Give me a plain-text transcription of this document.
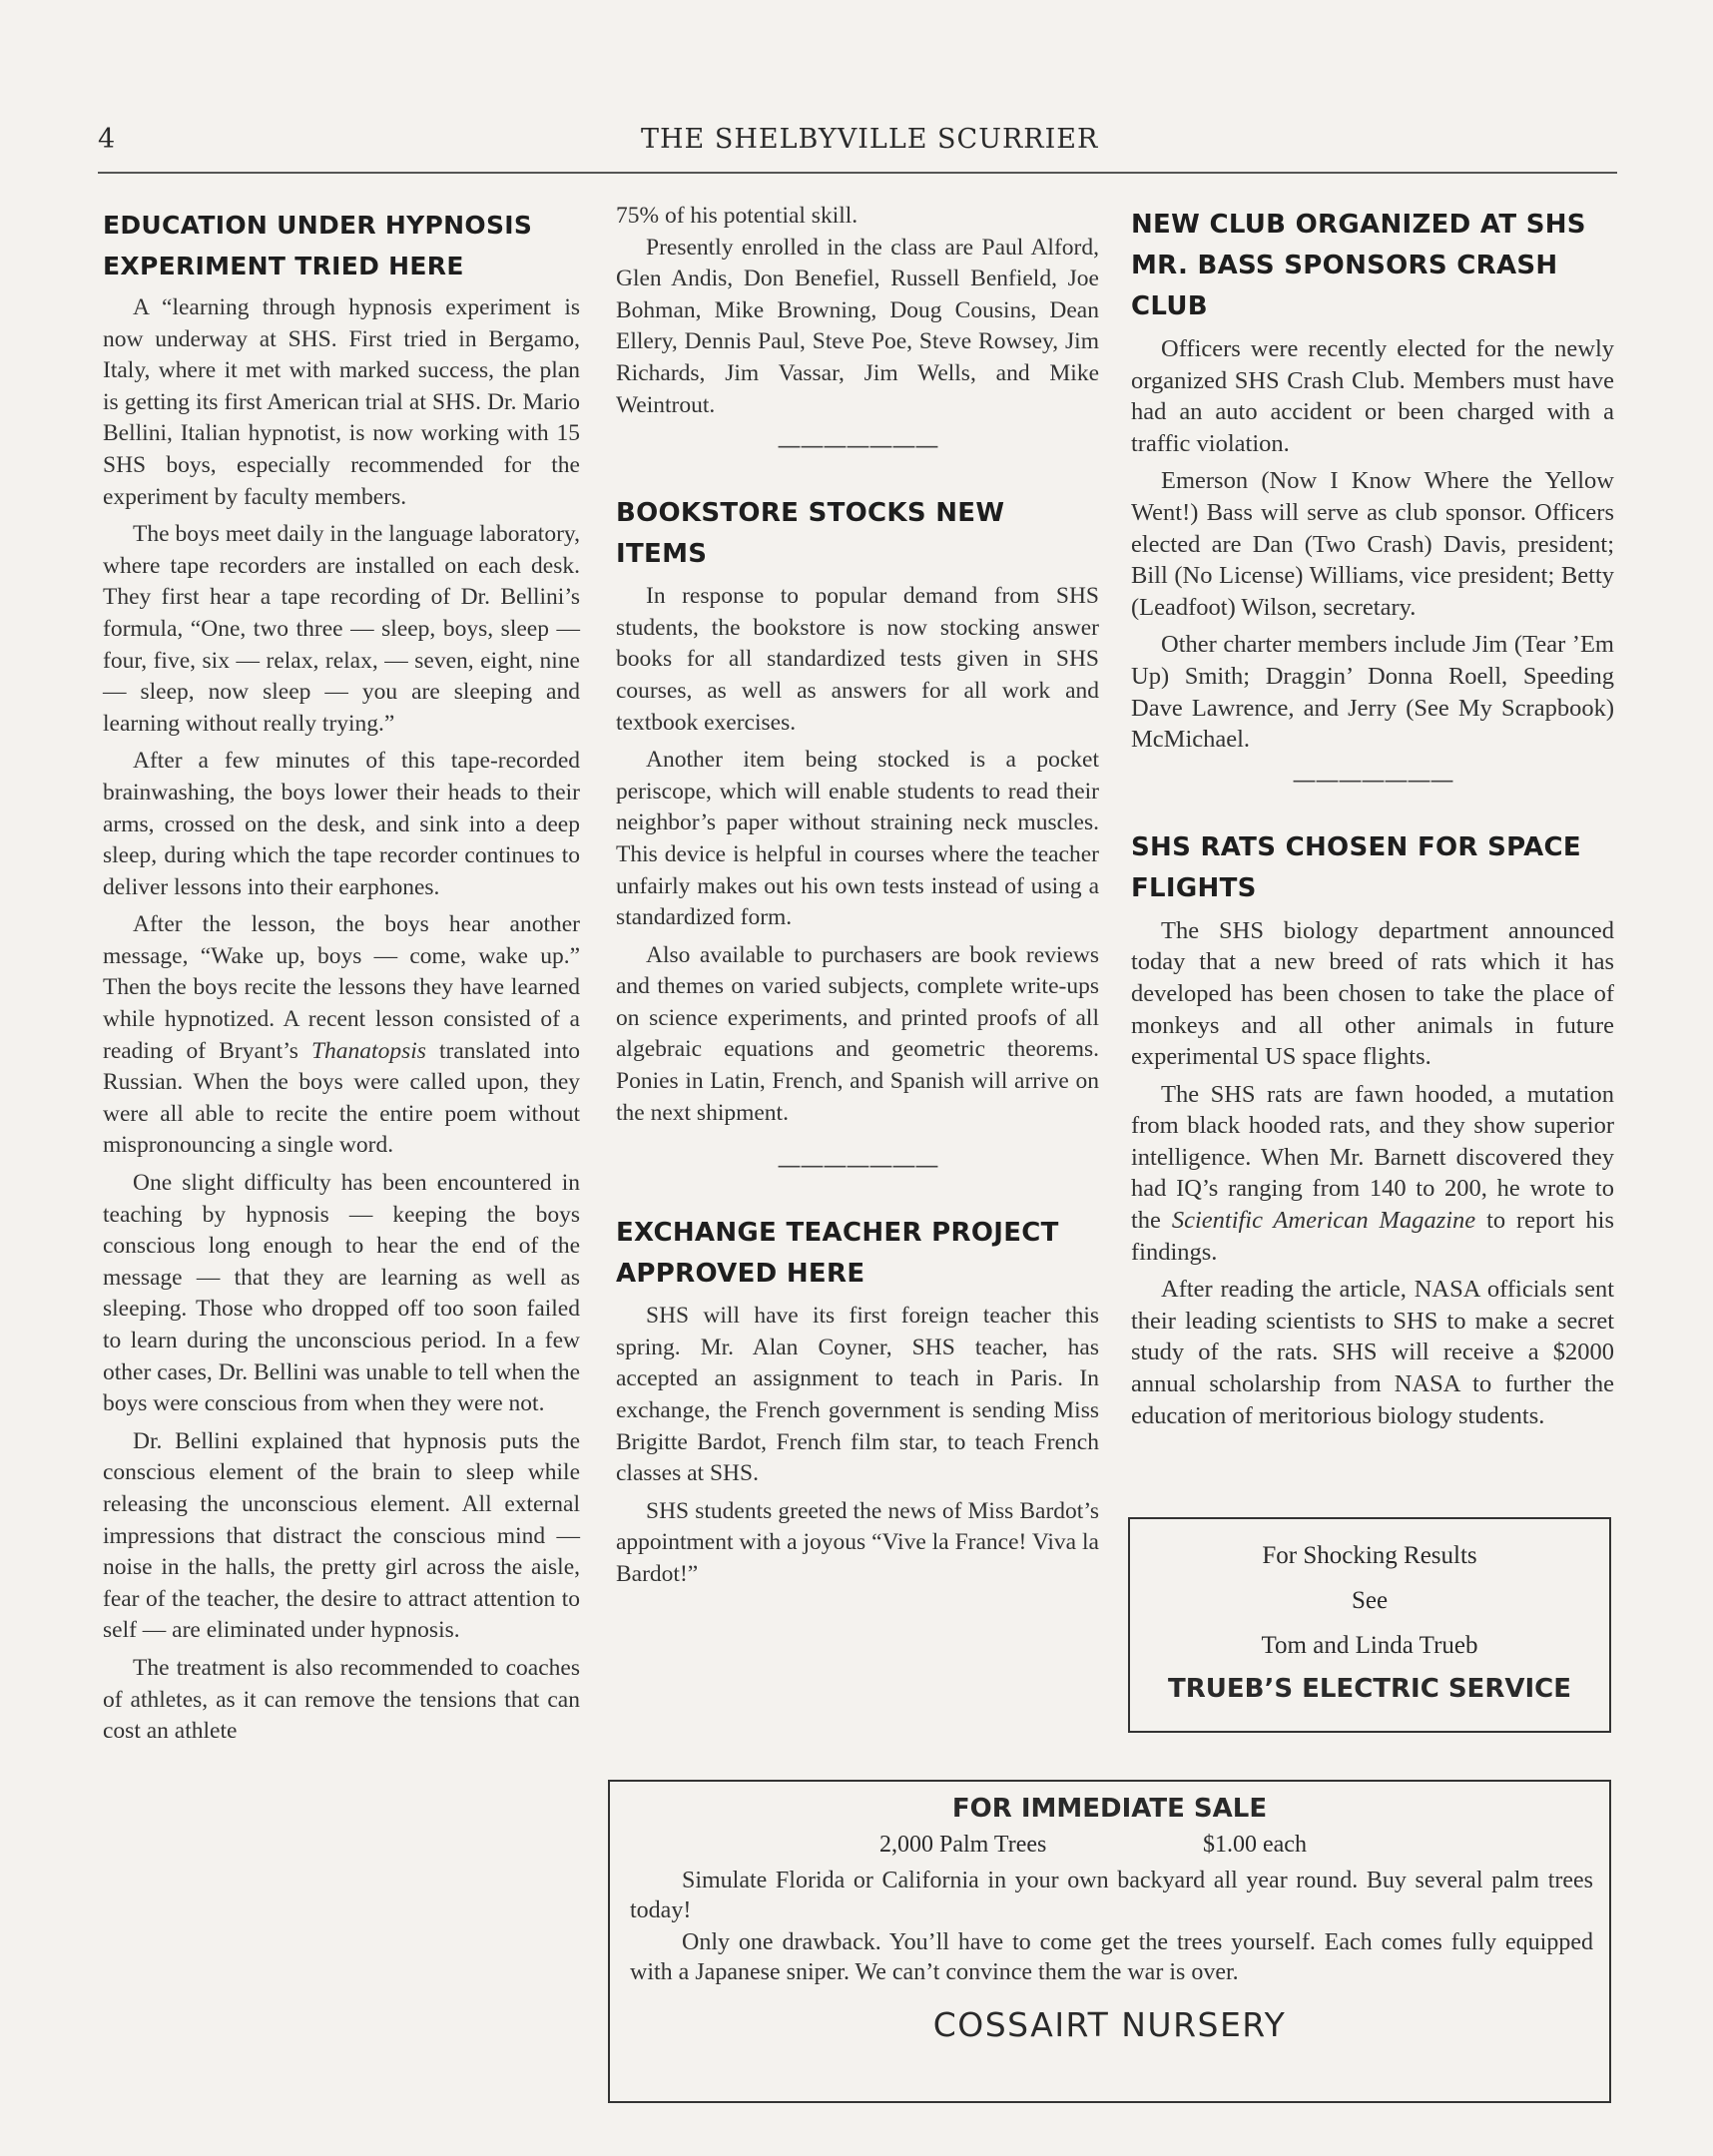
4	THE SHELBYVILLE SCURRIER
EDUCATION UNDER HYPNOSIS
EXPERIMENT TRIED HERE

A “learning through hypnosis experiment is now underway at SHS. First tried in Bergamo, Italy, where it met with marked success, the plan is getting its first American trial at SHS. Dr. Mario Bellini, Italian hypnotist, is now working with 15 SHS boys, especially recommended for the experiment by faculty members.

The boys meet daily in the language laboratory, where tape recorders are installed on each desk. They first hear a tape recording of Dr. Bellini’s formula, “One, two three — sleep, boys, sleep — four, five, six — relax, relax, — seven, eight, nine — sleep, now sleep — you are sleeping and learning without really trying.”

After a few minutes of this tape-recorded brainwashing, the boys lower their heads to their arms, crossed on the desk, and sink into a deep sleep, during which the tape recorder continues to deliver lessons into their earphones.

After the lesson, the boys hear another message, “Wake up, boys — come, wake up.” Then the boys recite the lessons they have learned while hypnotized. A recent lesson consisted of a reading of Bryant’s Thanatopsis translated into Russian. When the boys were called upon, they were all able to recite the entire poem without mispronouncing a single word.

One slight difficulty has been encountered in teaching by hypnosis — keeping the boys conscious long enough to hear the end of the message — that they are learning as well as sleeping. Those who dropped off too soon failed to learn during the unconscious period. In a few other cases, Dr. Bellini was unable to tell when the boys were conscious from when they were not.

Dr. Bellini explained that hypnosis puts the conscious element of the brain to sleep while releasing the unconscious element. All external impressions that distract the conscious mind — noise in the halls, the pretty girl across the aisle, fear of the teacher, the desire to attract attention to self — are eliminated under hypnosis.

The treatment is also recommended to coaches of athletes, as it can remove the tensions that can cost an athlete

75% of his potential skill.

Presently enrolled in the class are Paul Alford, Glen Andis, Don Benefiel, Russell Benfield, Joe Bohman, Mike Browning, Doug Cousins, Dean Ellery, Dennis Paul, Steve Poe, Steve Rowsey, Jim Richards, Jim Vassar, Jim Wells, and Mike Weintrout.

———————
BOOKSTORE STOCKS NEW ITEMS

In response to popular demand from SHS students, the bookstore is now stocking answer books for all standardized tests given in SHS courses, as well as answers for all work and textbook exercises.

Another item being stocked is a pocket periscope, which will enable students to read their neighbor’s paper without straining neck muscles. This device is helpful in courses where the teacher unfairly makes out his own tests instead of using a standardized form.

Also available to purchasers are book reviews and themes on varied subjects, complete write-ups on science experiments, and printed proofs of all algebraic equations and geometric theorems. Ponies in Latin, French, and Spanish will arrive on the next shipment.

———————
EXCHANGE TEACHER PROJECT
APPROVED HERE

SHS will have its first foreign teacher this spring. Mr. Alan Coyner, SHS teacher, has accepted an assignment to teach in Paris. In exchange, the French government is sending Miss Brigitte Bardot, French film star, to teach French classes at SHS.

SHS students greeted the news of Miss Bardot’s appointment with a joyous “Vive la France! Viva la Bardot!”

NEW CLUB ORGANIZED AT SHS
MR. BASS SPONSORS CRASH CLUB

Officers were recently elected for the newly organized SHS Crash Club. Members must have had an auto accident or been charged with a traffic violation.

Emerson (Now I Know Where the Yellow Went!) Bass will serve as club sponsor. Officers elected are Dan (Two Crash) Davis, president; Bill (No License) Williams, vice president; Betty (Leadfoot) Wilson, secretary.

Other charter members include Jim (Tear ’Em Up) Smith; Draggin’ Donna Roell, Speeding Dave Lawrence, and Jerry (See My Scrapbook) McMichael.

———————
SHS RATS CHOSEN FOR SPACE FLIGHTS

The SHS biology department announced today that a new breed of rats which it has developed has been chosen to take the place of monkeys and all other animals in future experimental US space flights.

The SHS rats are fawn hooded, a mutation from black hooded rats, and they show superior intelligence. When Mr. Barnett discovered they had IQ’s ranging from 140 to 200, he wrote to the Scientific American Magazine to report his findings.

After reading the article, NASA officials sent their leading scientists to SHS to make a secret study of the rats. SHS will receive a $2000 annual scholarship from NASA to further the education of meritorious biology students.

For Shocking Results
See
Tom and Linda Trueb
TRUEB’S ELECTRIC SERVICE
FOR IMMEDIATE SALE
2,000 Palm Trees	$1.00 each

Simulate Florida or California in your own backyard all year round. Buy several palm trees today!

Only one drawback. You’ll have to come get the trees yourself. Each comes fully equipped with a Japanese sniper. We can’t convince them the war is over.

COSSAIRT NURSERY
